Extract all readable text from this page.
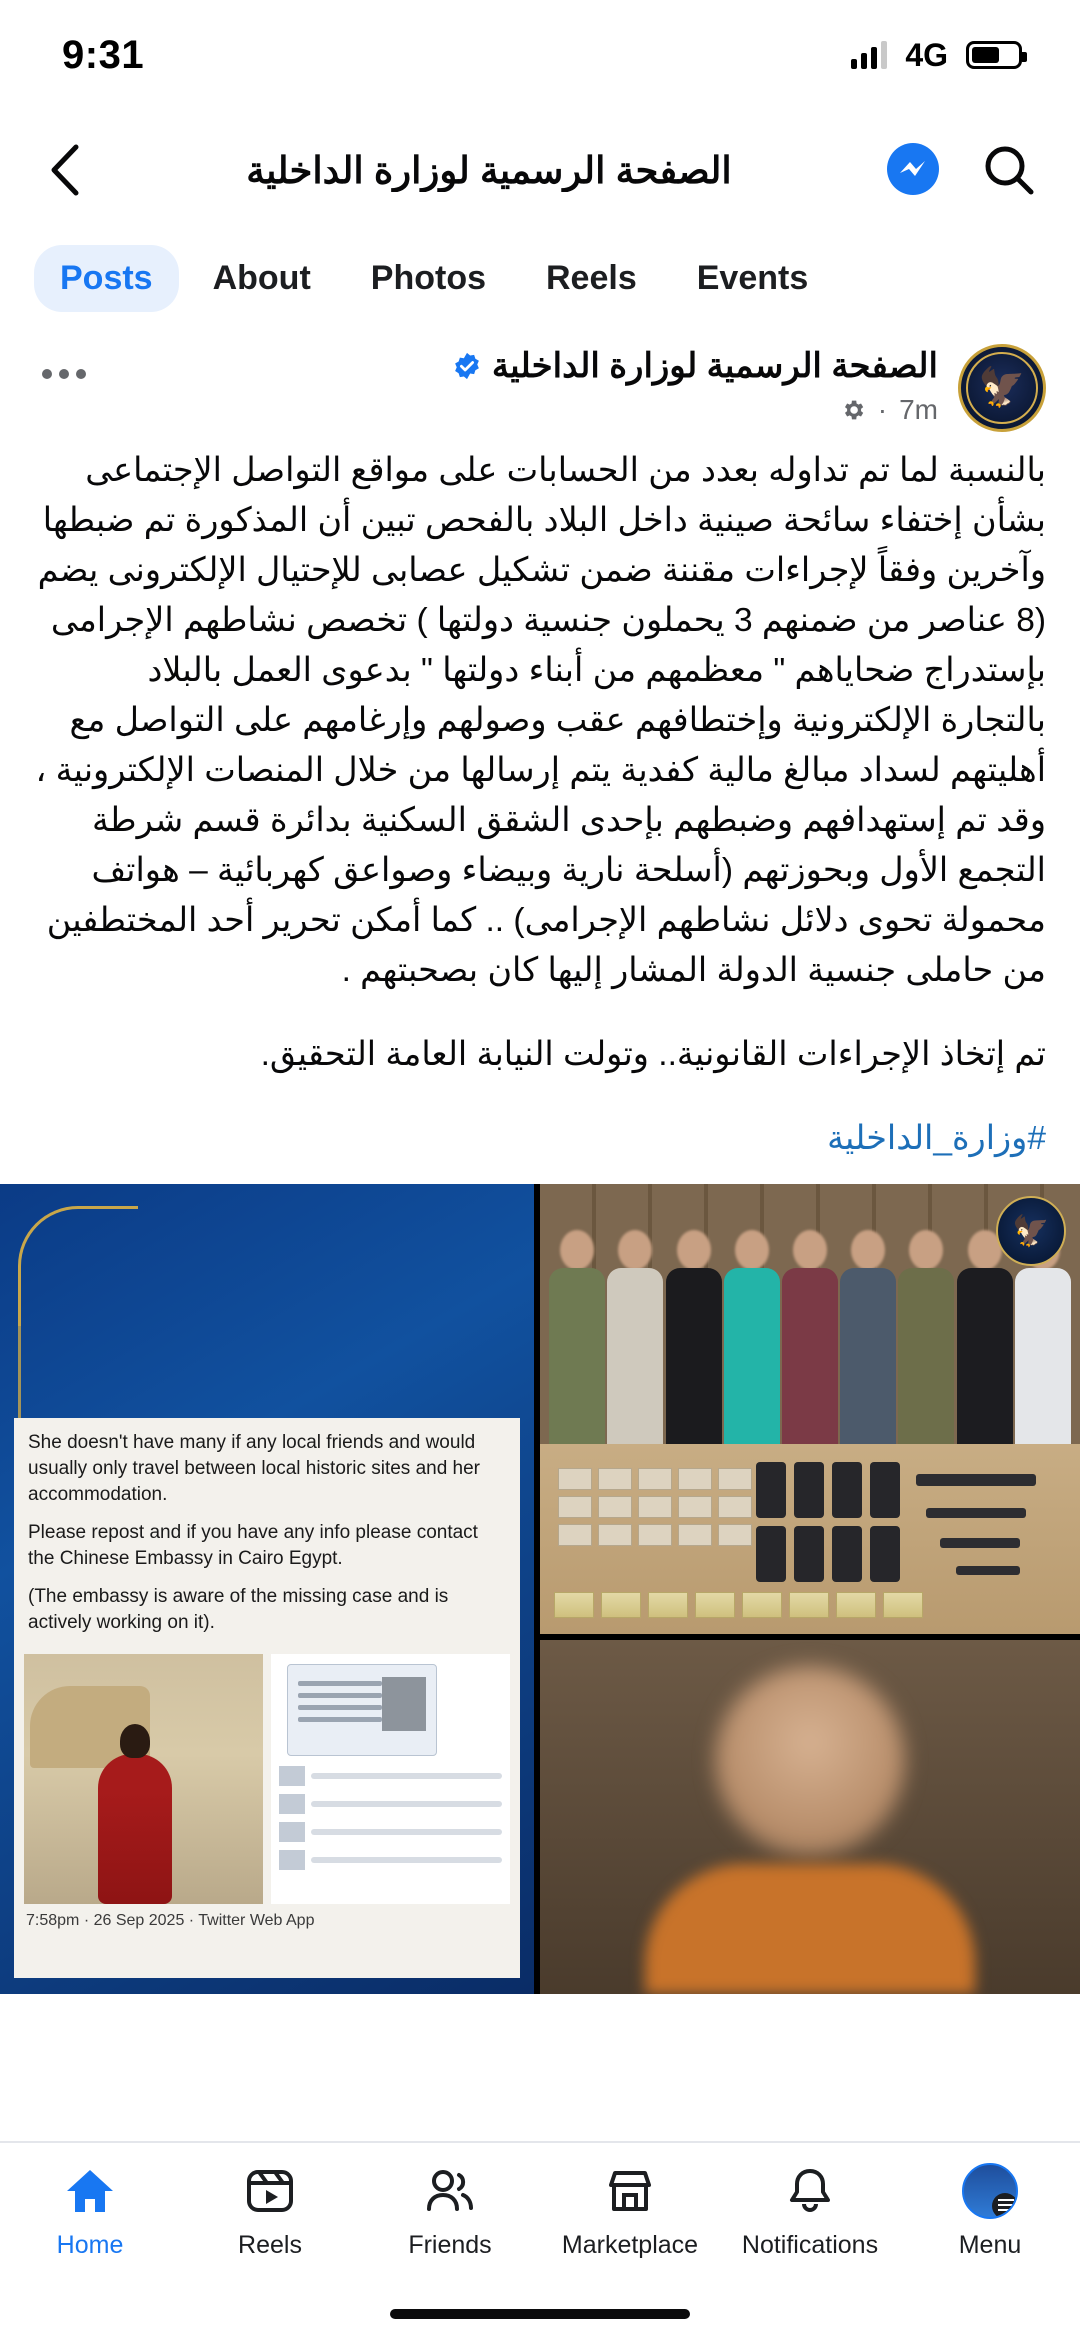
9:31	4G
الصفحة الرسمية لوزارة الداخلية
Posts	About	Photos	Reels	Events
🦅
الصفحة الرسمية لوزارة الداخلية
7m
·

بالنسبة لما تم تداوله بعدد من الحسابات على مواقع التواصل الإجتماعى بشأن إختفاء سائحة صينية داخل البلاد بالفحص تبين أن المذكورة تم ضبطها وآخرين وفقاً لإجراءات مقننة ضمن تشكيل عصابى للإحتيال الإلكترونى يضم (8 عناصر من ضمنهم 3 يحملون جنسية دولتها ) تخصص نشاطهم الإجرامى بإستدراج ضحاياهم " معظمهم من أبناء دولتها " بدعوى العمل بالبلاد بالتجارة الإلكترونية وإختطافهم عقب وصولهم وإرغامهم على التواصل مع أهليتهم لسداد مبالغ مالية كفدية يتم إرسالها من خلال المنصات الإلكترونية ، وقد تم إستهدافهم وضبطهم بإحدى الشقق السكنية بدائرة قسم شرطة التجمع الأول وبحوزتهم (أسلحة نارية وبيضاء وصواعق كهربائية – هواتف محمولة تحوى دلائل نشاطهم الإجرامى) .. كما أمكن تحرير أحد المختطفين من حاملى جنسية الدولة المشار إليها كان بصحبتهم .

تم إتخاذ الإجراءات القانونية.. وتولت النيابة العامة التحقيق.

#وزارة_الداخلية

She doesn't have many if any local friends and would usually only travel between local historic sites and her accommodation.
Please repost and if you have any info please contact the Chinese Embassy in Cairo Egypt.
(The embassy is aware of the missing case and is actively working on it).
7:58pm · 26 Sep 2025 · Twitter Web App
🦅
Home	Reels	Friends	Marketplace Notifications	Menu
